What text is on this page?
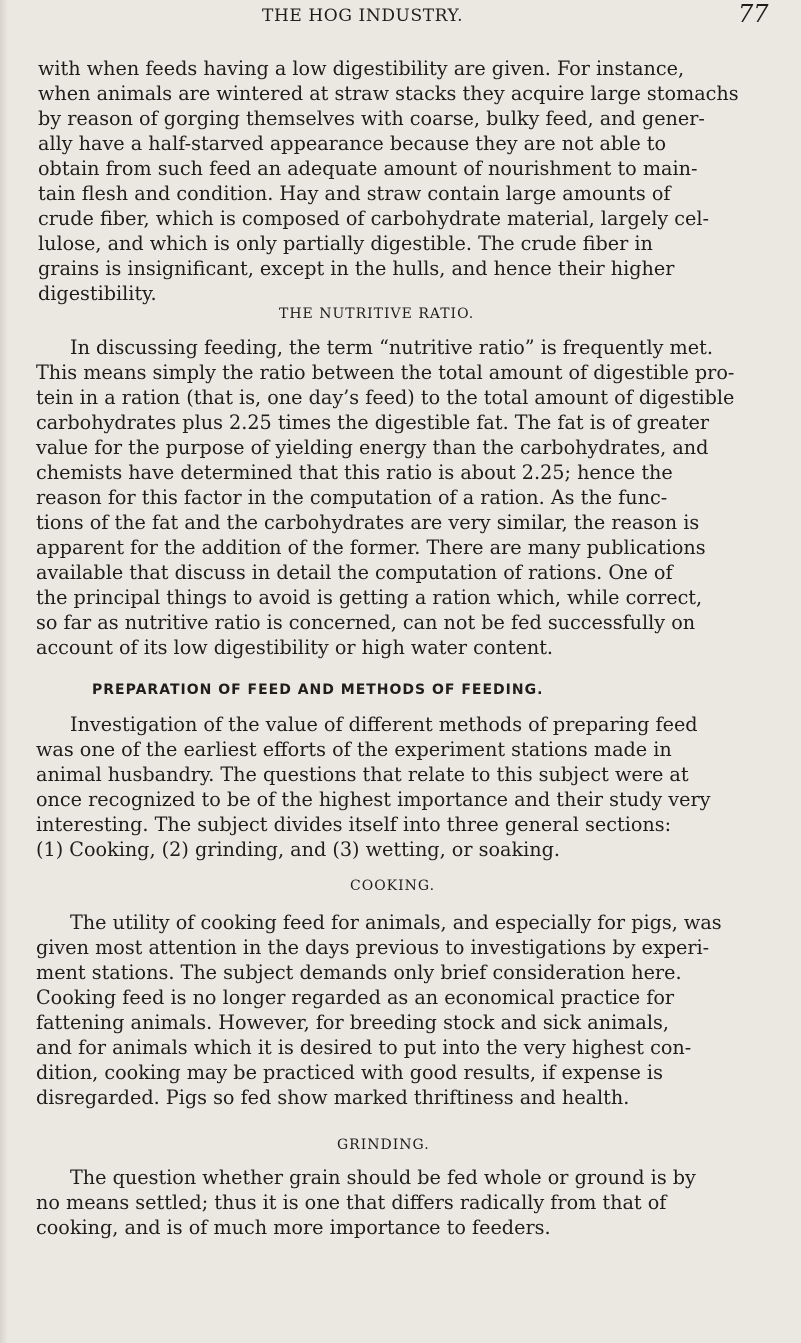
THE HOG INDUSTRY.	77
with when feeds having a low digestibility are given. For instance,
when animals are wintered at straw stacks they acquire large stomachs
by reason of gorging themselves with coarse, bulky feed, and gener-
ally have a half-starved appearance because they are not able to
obtain from such feed an adequate amount of nourishment to main-
tain flesh and condition. Hay and straw contain large amounts of
crude fiber, which is composed of carbohydrate material, largely cel-
lulose, and which is only partially digestible. The crude fiber in
grains is insignificant, except in the hulls, and hence their higher
digestibility.
THE NUTRITIVE RATIO.
In discussing feeding, the term “nutritive ratio” is frequently met.
This means simply the ratio between the total amount of digestible pro-
tein in a ration (that is, one day’s feed) to the total amount of digestible
carbohydrates plus 2.25 times the digestible fat. The fat is of greater
value for the purpose of yielding energy than the carbohydrates, and
chemists have determined that this ratio is about 2.25; hence the
reason for this factor in the computation of a ration. As the func-
tions of the fat and the carbohydrates are very similar, the reason is
apparent for the addition of the former. There are many publications
available that discuss in detail the computation of rations. One of
the principal things to avoid is getting a ration which, while correct,
so far as nutritive ratio is concerned, can not be fed successfully on
account of its low digestibility or high water content.
PREPARATION OF FEED AND METHODS OF FEEDING.
Investigation of the value of different methods of preparing feed
was one of the earliest efforts of the experiment stations made in
animal husbandry. The questions that relate to this subject were at
once recognized to be of the highest importance and their study very
interesting. The subject divides itself into three general sections:
(1) Cooking, (2) grinding, and (3) wetting, or soaking.
COOKING.
The utility of cooking feed for animals, and especially for pigs, was
given most attention in the days previous to investigations by experi-
ment stations. The subject demands only brief consideration here.
Cooking feed is no longer regarded as an economical practice for
fattening animals. However, for breeding stock and sick animals,
and for animals which it is desired to put into the very highest con-
dition, cooking may be practiced with good results, if expense is
disregarded. Pigs so fed show marked thriftiness and health.
GRINDING.
The question whether grain should be fed whole or ground is by
no means settled; thus it is one that differs radically from that of
cooking, and is of much more importance to feeders.
